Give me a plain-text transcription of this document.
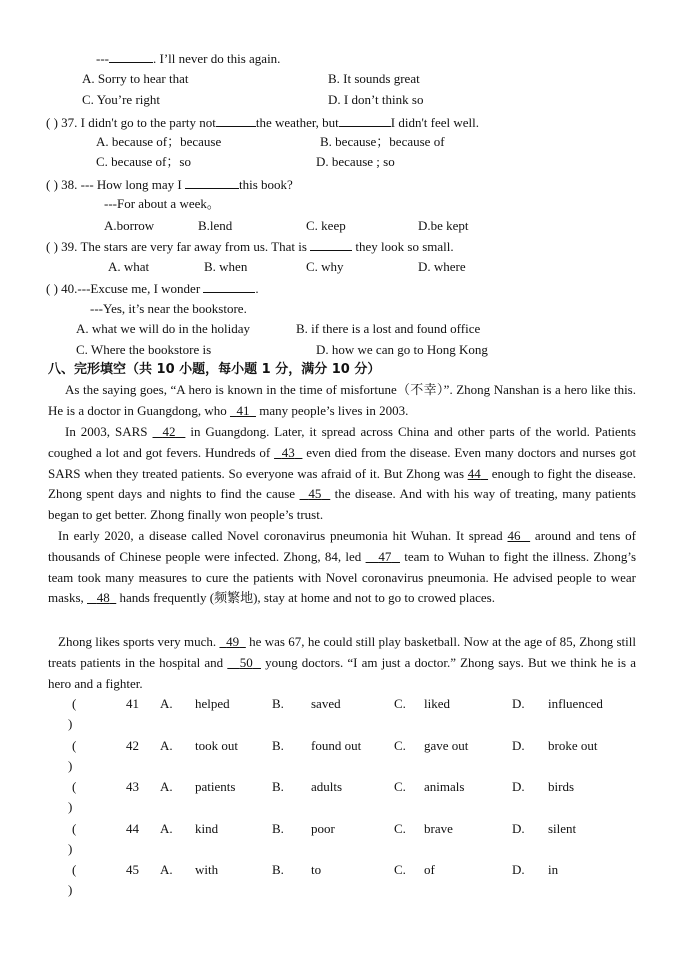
---	. I’ll never do this again.
A. Sorry to hear that	B. It sounds great
C. You’re right	D. I don’t think so
( ) 37. I didn't go to the party not	the weather, but	I didn't feel well.
A. because of；because	B. because；because of
C. because of；so	D. because ; so
( ) 38. --- How long may I	this book?
---For about a week。
A.borrow	B.lend	C. keep	D.be kept
( ) 39. The stars are very far away from us. That is	they look so small.
A. what	B. when	C. why	D. where
( ) 40.---Excuse me, I wonder	.
---Yes, it’s near the bookstore.
A. what we will do in the holiday	B. if there is a lost and found office
C. Where the bookstore is	D. how we can go to Hong Kong
八、完形填空（共 10 小题，每小题 1 分，满分 10 分）
As the saying goes, “A hero is known in the time of misfortune（不幸）”. Zhong Nanshan is a hero like this. He is a doctor in Guangdong, who   41   many people’s lives in 2003.
In 2003, SARS   42   in Guangdong. Later, it spread across China and other parts of the world. Patients coughed a lot and got fevers. Hundreds of   43   even died from the disease. Even many doctors and nurses got SARS when they treated patients. So everyone was afraid of it. But Zhong was 44   enough to fight the disease. Zhong spent days and nights to find the cause   45   the disease. And with his way of treating, many patients began to get better. Zhong finally won people’s trust.
In early 2020, a disease called Novel coronavirus pneumonia hit Wuhan. It spread 46   around and tens of thousands of Chinese people were infected. Zhong, 84, led    47   team to Wuhan to fight the illness. Zhong’s team took many measures to cure the patients with Novel coronavirus pneumonia. He advised people to wear masks,    48   hands frequently (频繁地), stay at home and not to go to crowed places.
Zhong likes sports very much.   49   he was 67, he could still play basketball. Now at the age of 85, Zhong still treats patients in the hospital and    50   young doctors. “I am just a doctor.” Zhong says. But we think he is a hero and a fighter.
(
)
41 A. helped	B. saved	C. liked	D. influenced
(
)
42 A. took out	B. found out	C. gave out	D. broke out
(
)
43 A. patients	B. adults	C. animals	D. birds
(
)
44 A. kind	B. poor	C. brave	D. silent
(
)
45 A. with	B. to	C. of	D. in
